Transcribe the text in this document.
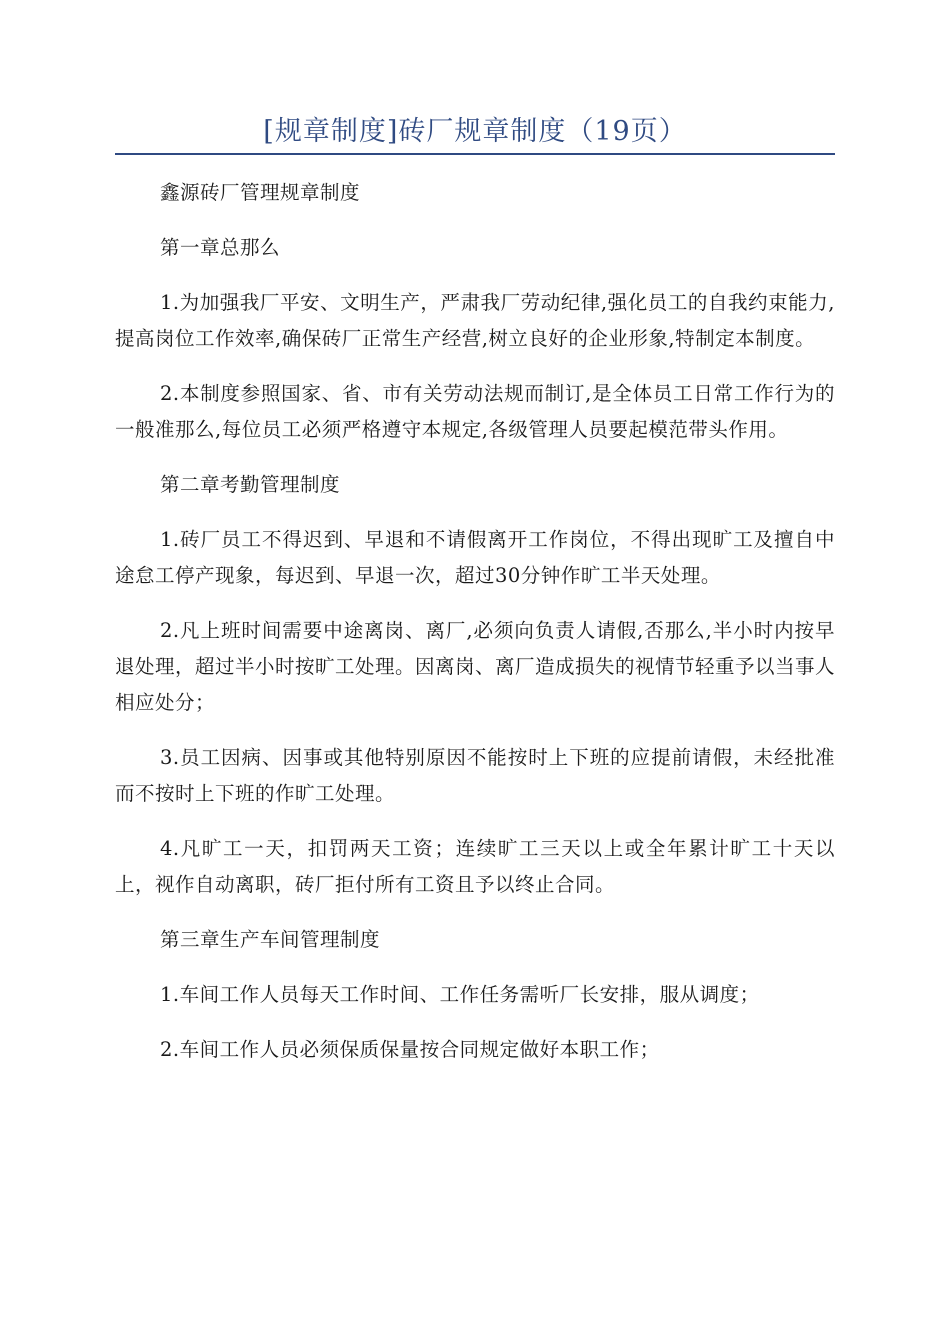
[规章制度]砖厂规章制度（19页）

鑫源砖厂管理规章制度

第一章总那么

1.为加强我厂平安、文明生产，严肃我厂劳动纪律,强化员工的自我约束能力,提高岗位工作效率,确保砖厂正常生产经营,树立良好的企业形象,特制定本制度。

2.本制度参照国家、省、市有关劳动法规而制订,是全体员工日常工作行为的一般准那么,每位员工必须严格遵守本规定,各级管理人员要起模范带头作用。

第二章考勤管理制度

1.砖厂员工不得迟到、早退和不请假离开工作岗位，不得出现旷工及擅自中途怠工停产现象，每迟到、早退一次，超过30分钟作旷工半天处理。

2.凡上班时间需要中途离岗、离厂,必须向负责人请假,否那么,半小时内按早退处理，超过半小时按旷工处理。因离岗、离厂造成损失的视情节轻重予以当事人相应处分；

3.员工因病、因事或其他特别原因不能按时上下班的应提前请假，未经批准而不按时上下班的作旷工处理。

4.凡旷工一天，扣罚两天工资；连续旷工三天以上或全年累计旷工十天以上，视作自动离职，砖厂拒付所有工资且予以终止合同。

第三章生产车间管理制度

1.车间工作人员每天工作时间、工作任务需听厂长安排，服从调度；

2.车间工作人员必须保质保量按合同规定做好本职工作；
